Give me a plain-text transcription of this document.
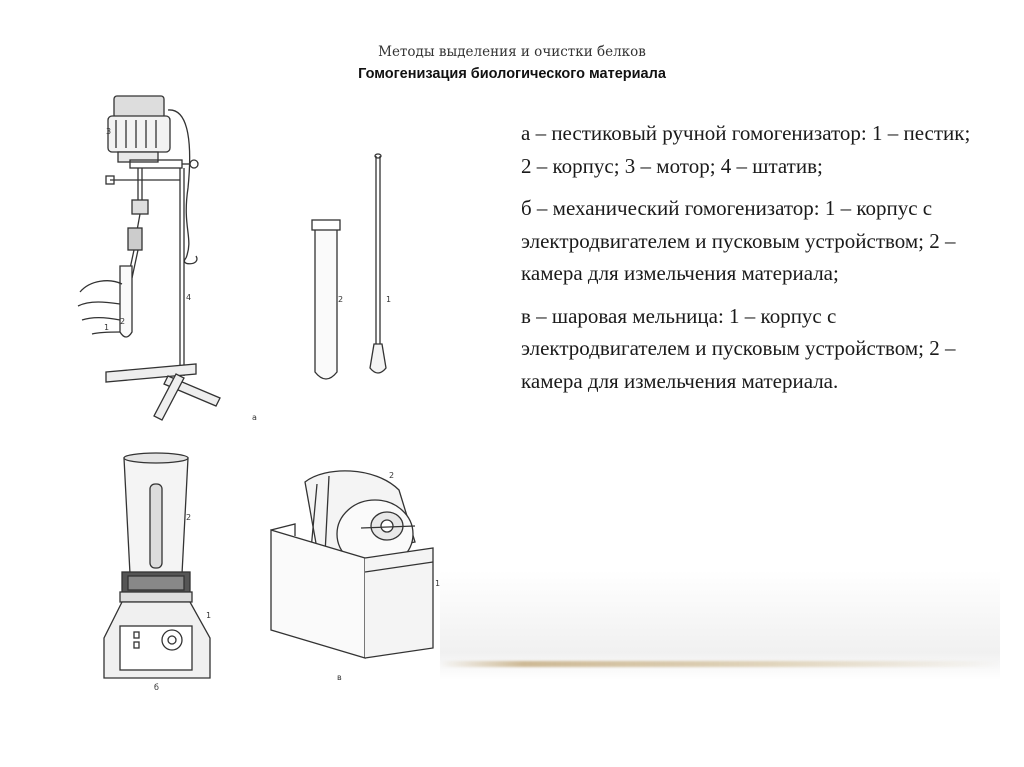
Методы выделения и очистки белков
Гомогенизация биологического материала
3
4
1
2
2	1
а
2
1
б
2
1
в

а – пестиковый ручной гомогенизатор: 1 – пестик; 2 – корпус; 3 – мотор; 4 – штатив;

б – механический гомогенизатор: 1 – корпус с электродвигателем и пусковым устройством; 2 – камера для измельчения материала;

в – шаровая мельница: 1 – корпус с электродвигателем и пусковым устройством; 2 – камера для измельчения материала.
